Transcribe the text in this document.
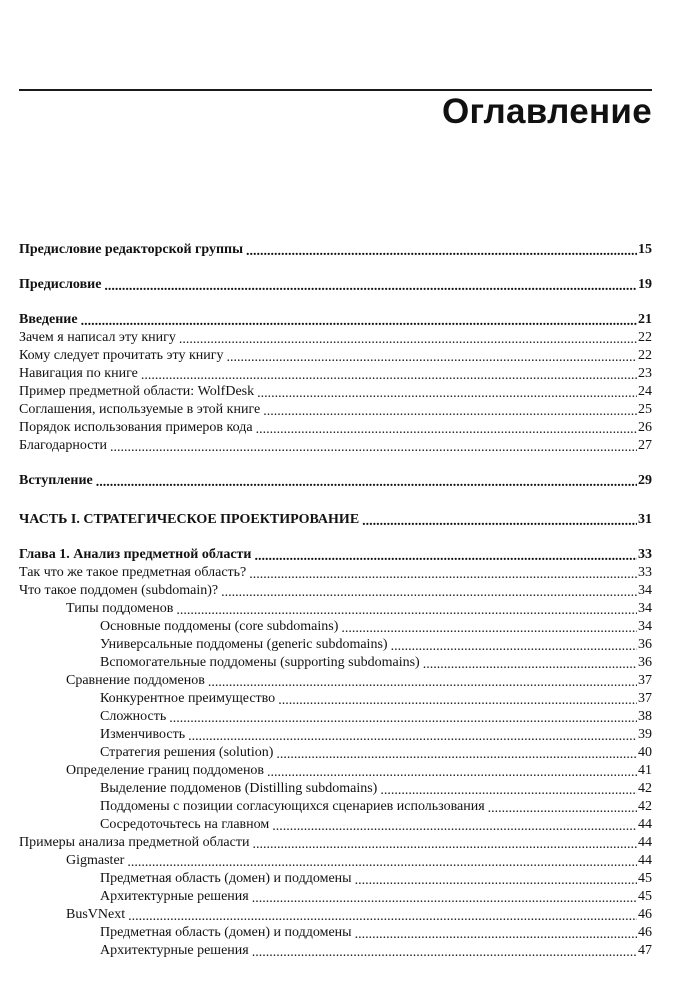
Оглавление
Предисловие редакторской группы .....	15
Предисловие .....	19
Введение .....	21
Зачем я написал эту книгу .....	22
Кому следует прочитать эту книгу .....	22
Навигация по книге .....	23
Пример предметной области: WolfDesk .....	24
Соглашения, используемые в этой книге .....	25
Порядок использования примеров кода .....	26
Благодарности .....	27
Вступление .....	29
ЧАСТЬ I. СТРАТЕГИЧЕСКОЕ ПРОЕКТИРОВАНИЕ .....	31
Глава 1. Анализ предметной области .....	33
Так что же такое предметная область? .....	33
Что такое поддомен (subdomain)? .....	34
Типы поддоменов .....	34
Основные поддомены (core subdomains) .....	34
Универсальные поддомены (generic subdomains) .....	36
Вспомогательные поддомены (supporting subdomains) .....	36
Сравнение поддоменов .....	37
Конкурентное преимущество .....	37
Сложность .....	38
Изменчивость .....	39
Стратегия решения (solution) .....	40
Определение границ поддоменов .....	41
Выделение поддоменов (Distilling subdomains) .....	42
Поддомены с позиции согласующихся сценариев использования .....	42
Сосредоточьтесь на главном .....	44
Примеры анализа предметной области .....	44
Gigmaster .....	44
Предметная область (домен) и поддомены .....	45
Архитектурные решения .....	45
BusVNext .....	46
Предметная область (домен) и поддомены .....	46
Архитектурные решения .....	47
